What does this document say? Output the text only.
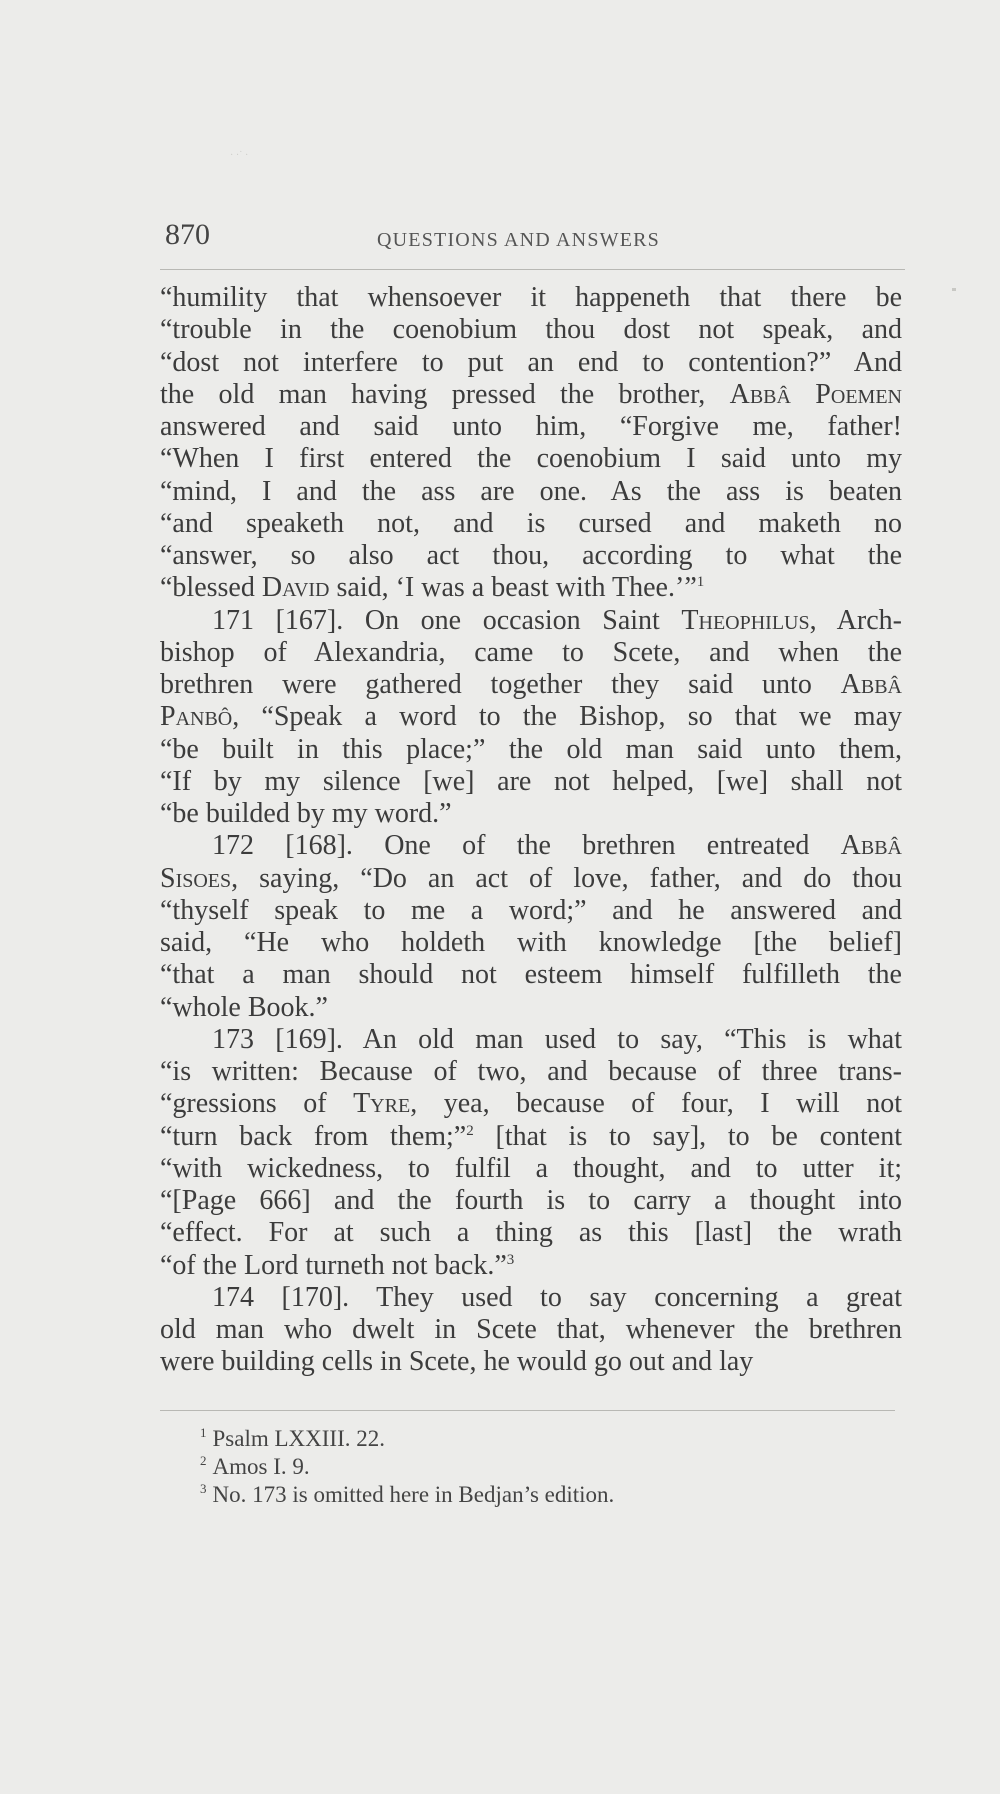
· ·˙ ·
870	QUESTIONS AND ANSWERS
“humility that whensoever it happeneth that there be
“trouble in the coenobium thou dost not speak, and
“dost not interfere to put an end to contention?” And
the old man having pressed the brother, Abbâ Poemen
answered and said unto him, “Forgive me, father!
“When I first entered the coenobium I said unto my
“mind, I and the ass are one. As the ass is beaten
“and speaketh not, and is cursed and maketh no
“answer, so also act thou, according to what the
“blessed David said, ‘I was a beast with Thee.’”$^1$
171 [167]. On one occasion Saint Theophilus, Arch-
bishop of Alexandria, came to Scete, and when the
brethren were gathered together they said unto Abbâ
Panbô, “Speak a word to the Bishop, so that we may
“be built in this place;” the old man said unto them,
“If by my silence [we] are not helped, [we] shall not
“be builded by my word.”
172 [168]. One of the brethren entreated Abbâ
Sisoes, saying, “Do an act of love, father, and do thou
“thyself speak to me a word;” and he answered and
said, “He who holdeth with knowledge [the belief]
“that a man should not esteem himself fulfilleth the
“whole Book.”
173 [169]. An old man used to say, “This is what
“is written: Because of two, and because of three trans-
“gressions of Tyre, yea, because of four, I will not
“turn back from them;”$^2$ [that is to say], to be content
“with wickedness, to fulfil a thought, and to utter it;
“[Page 666] and the fourth is to carry a thought into
“effect. For at such a thing as this [last] the wrath
“of the Lord turneth not back.”$^3$
174 [170]. They used to say concerning a great
old man who dwelt in Scete that, whenever the brethren
were building cells in Scete, he would go out and lay
$^1$ Psalm LXXIII. 22.
$^2$ Amos I. 9.
$^3$ No. 173 is omitted here in Bedjan’s edition.
